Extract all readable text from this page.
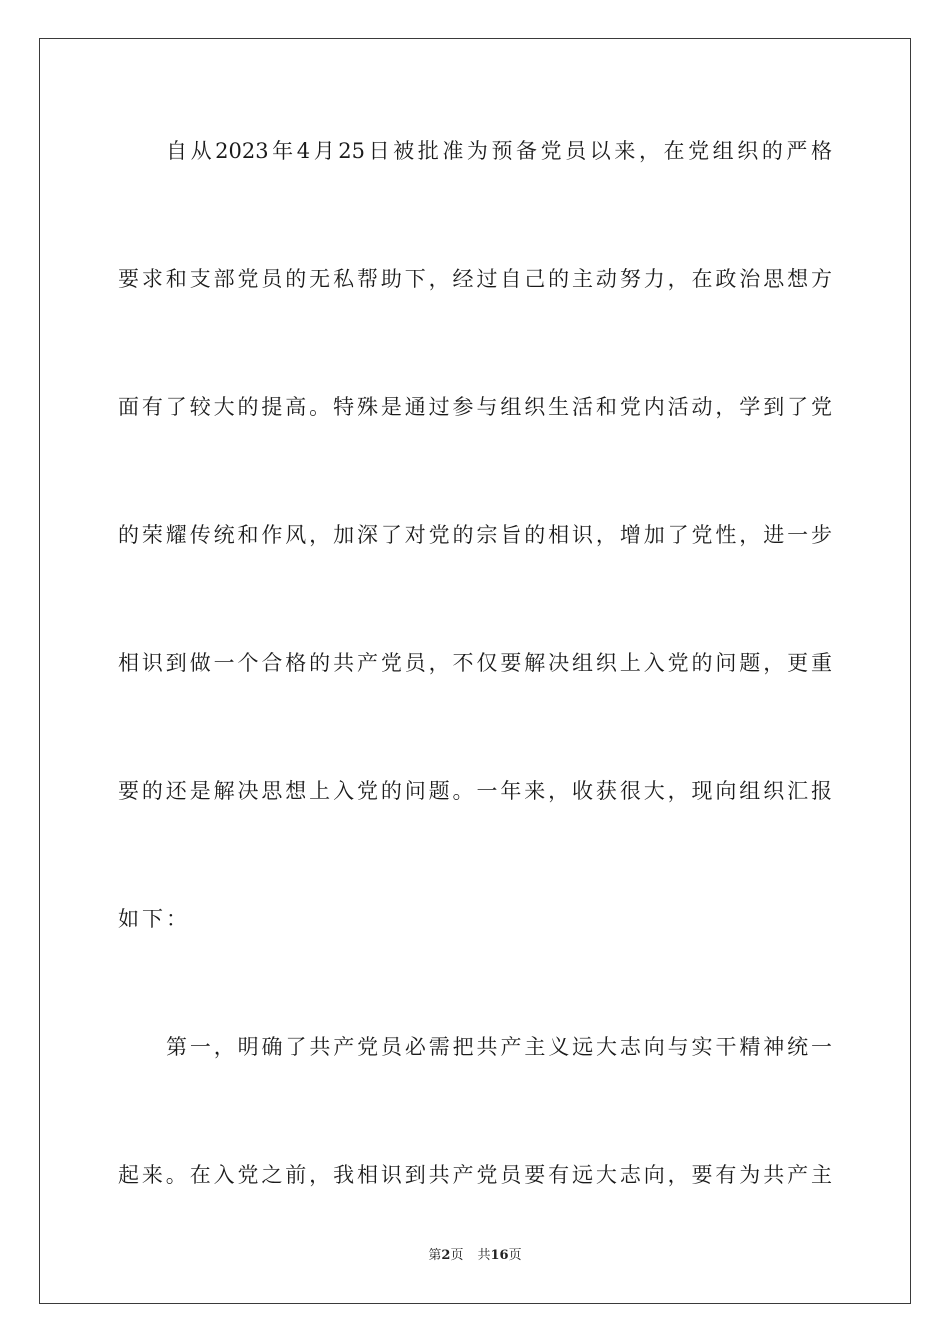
自从2023年4月25日被批准为预备党员以来，在党组织的严格
要求和支部党员的无私帮助下，经过自己的主动努力，在政治思想方
面有了较大的提高。特殊是通过参与组织生活和党内活动，学到了党
的荣耀传统和作风，加深了对党的宗旨的相识，增加了党性，进一步
相识到做一个合格的共产党员，不仅要解决组织上入党的问题，更重
要的还是解决思想上入党的问题。一年来，收获很大，现向组织汇报
如下：
第一，明确了共产党员必需把共产主义远大志向与实干精神统一
起来。在入党之前，我相识到共产党员要有远大志向，要有为共产主
第2页 共16页
